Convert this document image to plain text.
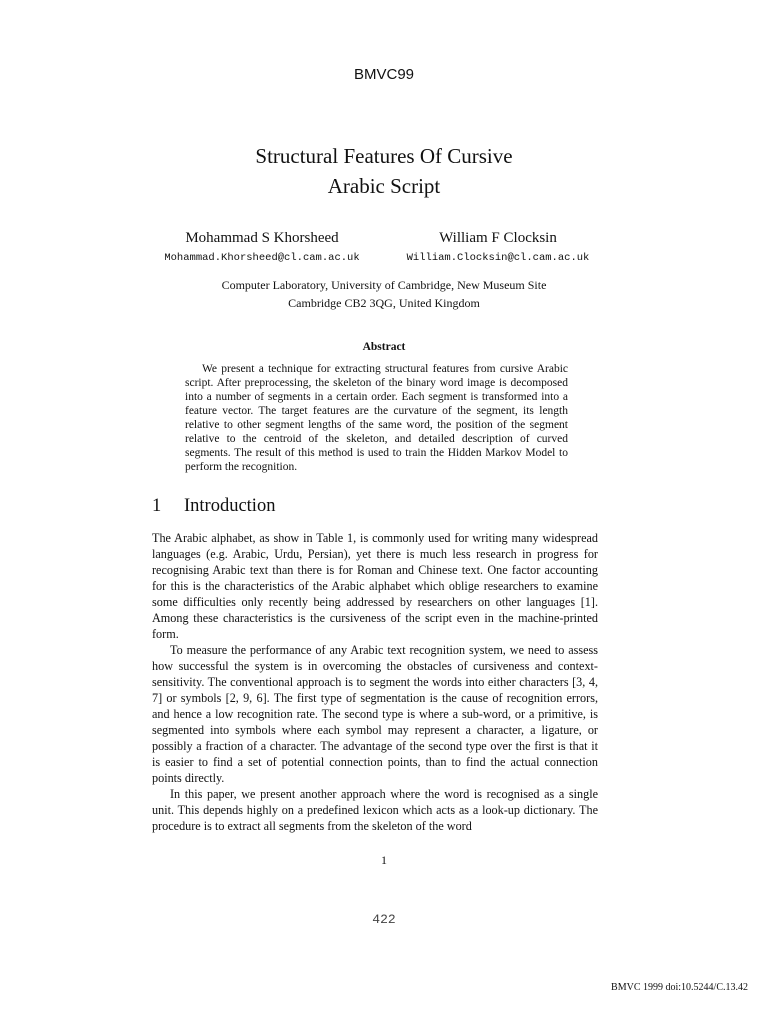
BMVC99
Structural Features Of Cursive
Arabic Script
Mohammad S Khorsheed	William F Clocksin
Mohammad.Khorsheed@cl.cam.ac.uk	William.Clocksin@cl.cam.ac.uk
Computer Laboratory, University of Cambridge, New Museum Site
Cambridge CB2 3QG, United Kingdom
Abstract

We present a technique for extracting structural features from cursive Arabic script. After preprocessing, the skeleton of the binary word image is decomposed into a number of segments in a certain order. Each segment is transformed into a feature vector. The target features are the curvature of the segment, its length relative to other segment lengths of the same word, the position of the segment relative to the centroid of the skeleton, and detailed description of curved segments. The result of this method is used to train the Hidden Markov Model to perform the recognition.

1 Introduction

The Arabic alphabet, as show in Table 1, is commonly used for writing many widespread languages (e.g. Arabic, Urdu, Persian), yet there is much less research in progress for recognising Arabic text than there is for Roman and Chinese text. One factor accounting for this is the characteristics of the Arabic alphabet which oblige researchers to examine some difficulties only recently being addressed by researchers on other languages [1]. Among these characteristics is the cursiveness of the script even in the machine-printed form.

To measure the performance of any Arabic text recognition system, we need to assess how successful the system is in overcoming the obstacles of cursiveness and context-sensitivity. The conventional approach is to segment the words into either characters [3, 4, 7] or symbols [2, 9, 6]. The first type of segmentation is the cause of recognition errors, and hence a low recognition rate. The second type is where a sub-word, or a primitive, is segmented into symbols where each symbol may represent a character, a ligature, or possibly a fraction of a character. The advantage of the second type over the first is that it is easier to find a set of potential connection points, than to find the actual connection points directly.

In this paper, we present another approach where the word is recognised as a single unit. This depends highly on a predefined lexicon which acts as a look-up dictionary. The procedure is to extract all segments from the skeleton of the word

1
422
BMVC 1999 doi:10.5244/C.13.42
